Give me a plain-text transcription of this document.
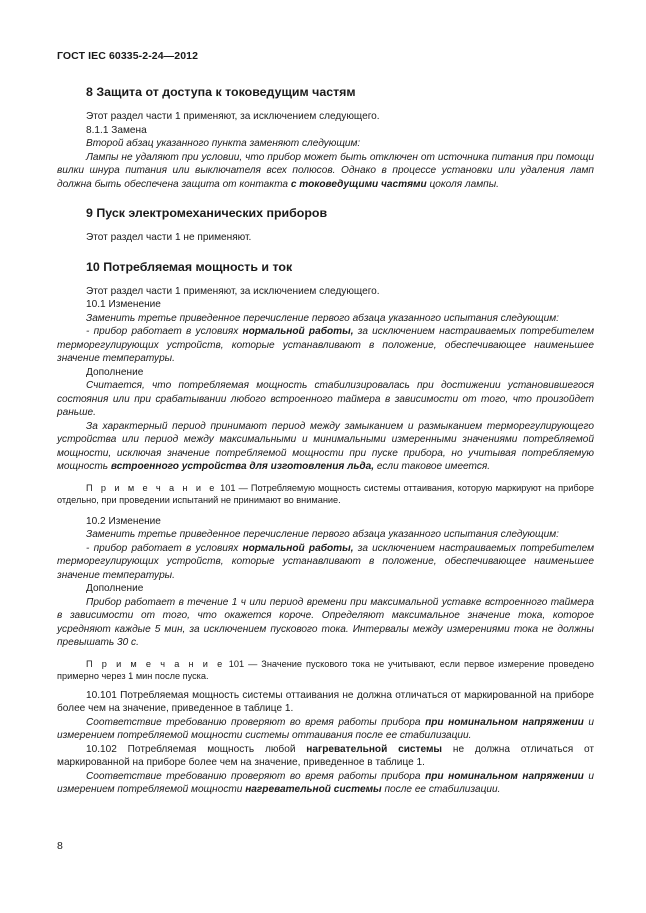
ГОСТ IEC 60335-2-24—2012
8 Защита от доступа к токоведущим частям

Этот раздел части 1 применяют, за исключением следующего.

8.1.1 Замена

Второй абзац указанного пункта заменяют следующим:

Лампы не удаляют при условии, что прибор может быть отключен от источника питания при помощи вилки шнура питания или выключателя всех полюсов. Однако в процессе установки или удаления ламп должна быть обеспечена защита от контакта с токоведущими частями цоколя лампы.

9 Пуск электромеханических приборов

Этот раздел части 1 не применяют.

10 Потребляемая мощность и ток

Этот раздел части 1 применяют, за исключением следующего.

10.1 Изменение

Заменить третье приведенное перечисление первого абзаца указанного испытания следующим:

- прибор работает в условиях нормальной работы, за исключением настраиваемых потребителем терморегулирующих устройств, которые устанавливают в положение, обеспечивающее наименьшее значение температуры.

Дополнение

Считается, что потребляемая мощность стабилизировалась при достижении установившегося состояния или при срабатывании любого встроенного таймера в зависимости от того, что произойдет раньше.

За характерный период принимают период между замыканием и размыканием терморегулирующего устройства или период между максимальными и минимальными измеренными значениями потребляемой мощности, исключая значение потребляемой мощности при пуске прибора, но учитывая потребляемую мощность встроенного устройства для изготовления льда, если таковое имеется.

П р и м е ч а н и е 101 — Потребляемую мощность системы оттаивания, которую маркируют на приборе отдельно, при проведении испытаний не принимают во внимание.

10.2 Изменение

Заменить третье приведенное перечисление первого абзаца указанного испытания следующим:

- прибор работает в условиях нормальной работы, за исключением настраиваемых потребителем терморегулирующих устройств, которые устанавливают в положение, обеспечивающее наименьшее значение температуры.

Дополнение

Прибор работает в течение 1 ч или период времени при максимальной уставке встроенного таймера в зависимости от того, что окажется короче. Определяют максимальное значение тока, которое усредняют каждые 5 мин, за исключением пускового тока. Интервалы между измерениями тока не должны превышать 30 с.

П р и м е ч а н и е 101 — Значение пускового тока не учитывают, если первое измерение проведено примерно через 1 мин после пуска.

10.101 Потребляемая мощность системы оттаивания не должна отличаться от маркированной на приборе более чем на значение, приведенное в таблице 1.

Соответствие требованию проверяют во время работы прибора при номинальном напряжении и измерением потребляемой мощности системы оттаивания после ее стабилизации.

10.102 Потребляемая мощность любой нагревательной системы не должна отличаться от маркированной на приборе более чем на значение, приведенное в таблице 1.

Соответствие требованию проверяют во время работы прибора при номинальном напряжении и измерением потребляемой мощности нагревательной системы после ее стабилизации.

8
